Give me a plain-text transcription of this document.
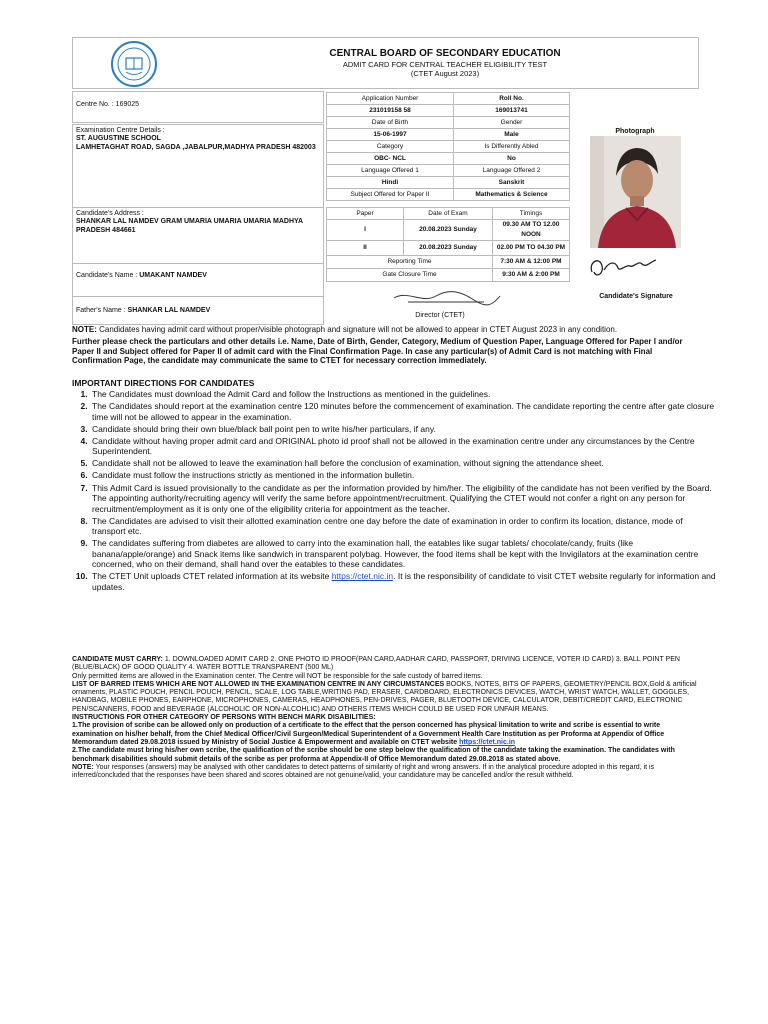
CENTRAL BOARD OF SECONDARY EDUCATION
ADMIT CARD FOR CENTRAL TEACHER ELIGIBILITY TEST
(CTET August 2023)
Centre No. : 169025
Examination Centre Details :
ST. AUGUSTINE SCHOOL
LAMHETAGHAT ROAD, SAGDA ,JABALPUR,MADHYA PRADESH 482003
Candidate's Address :
SHANKAR LAL NAMDEV GRAM UMARIA UMARIA UMARIA MADHYA PRADESH 484661
Candidate's Name : UMAKANT NAMDEV
Father's Name : SHANKAR LAL NAMDEV
Application Number	Roll No.
231019158 58	169013741
Date of Birth	Gender
15-06-1997	Male
Category	Is Differently Abled
OBC- NCL	No
Language Offered 1	Language Offered 2
Hindi	Sanskrit
Subject Offered for Paper II	Mathematics & Science
Paper	Date of Exam	Timings
I	20.08.2023 Sunday	09.30 AM TO 12.00 NOON
II	20.08.2023 Sunday	02.00 PM TO 04.30 PM
Reporting Time		7:30 AM & 12:00 PM
Gate Closure Time		9:30 AM & 2:00 PM
Director (CTET)
Photograph
Candidate's Signature
NOTE: Candidates having admit card without proper/visible photograph and signature will not be allowed to appear in CTET August 2023 in any condition.
Further please check the particulars and other details i.e. Name, Date of Birth, Gender, Category, Medium of Question Paper, Language Offered for Paper I and/or Paper II and Subject offered for Paper II of admit card with the Final Confirmation Page. In case any particular(s) of Admit Card is not matching with Final Confirmation Page, the candidate may communicate the same to CTET for necessary correction immediately.
IMPORTANT DIRECTIONS FOR CANDIDATES
1. The Candidates must download the Admit Card and follow the Instructions as mentioned in the guidelines.
2. The Candidates should report at the examination centre 120 minutes before the commencement of examination. The candidate reporting the centre after gate closure time will not be allowed to appear in the examination.
3. Candidate should bring their own blue/black ball point pen to write his/her particulars, if any.
4. Candidate without having proper admit card and ORIGINAL photo id proof shall not be allowed in the examination centre under any circumstances by the Centre Superintendent.
5. Candidate shall not be allowed to leave the examination hall before the conclusion of examination, without signing the attendance sheet.
6. Candidate must follow the instructions strictly as mentioned in the information bulletin.
7. This Admit Card is issued provisionally to the candidate as per the information provided by him/her. The eligibility of the candidate has not been verified by the Board. The appointing authority/recruiting agency will verify the same before appointment/recruitment. Qualifying the CTET would not confer a right on any person for recruitment/employment as it is only one of the eligibility criteria for appointment as the teacher.
8. The Candidates are advised to visit their allotted examination centre one day before the date of examination in order to confirm its location, distance, mode of transport etc.
9. The candidates suffering from diabetes are allowed to carry into the examination hall, the eatables like sugar tablets/ chocolate/candy, fruits (like banana/apple/orange) and Snack items like sandwich in transparent polybag. However, the food items shall be kept with the Invigilators at the examination centre concerned, who on their demand, shall hand over the eatables to these candidates.
10. The CTET Unit uploads CTET related information at its website https://ctet.nic.in. It is the responsibility of candidate to visit CTET website regularly for information and updates.
CANDIDATE MUST CARRY: 1. DOWNLOADED ADMIT CARD 2. ONE PHOTO ID PROOF(PAN CARD,AADHAR CARD, PASSPORT, DRIVING LICENCE, VOTER ID CARD) 3. BALL POINT PEN (BLUE/BLACK) OF GOOD QUALITY 4. WATER BOTTLE TRANSPARENT (500 ML)
Only permitted items are allowed in the Examination center. The Centre will NOT be responsible for the safe custody of barred items.
LIST OF BARRED ITEMS WHICH ARE NOT ALLOWED IN THE EXAMINATION CENTRE IN ANY CIRCUMSTANCES BOOKS, NOTES, BITS OF PAPERS, GEOMETRY/PENCIL BOX,Gold & artificial ornaments, PLASTIC POUCH, PENCIL POUCH, PENCIL, SCALE, LOG TABLE,WRITING PAD, ERASER, CARDBOARD, ELECTRONICS DEVICES, WATCH, WRIST WATCH, WALLET, GOGGLES, HANDBAG, MOBILE PHONES, EARPHONE, MICROPHONES, CAMERAS, HEADPHONES, PEN-DRIVES, PAGER, BLUETOOTH DEVICE, CALCULATOR, DEBIT/CREDIT CARD, ELECTRONIC PEN/SCANNERS, FOOD and BEVERAGE (ALCOHOLIC OR NON-ALCOHLIC) AND OTHERS ITEMS WHICH COULD BE USED FOR UNFAIR MEANS.
INSTRUCTIONS FOR OTHER CATEGORY OF PERSONS WITH BENCH MARK DISABILITIES:
1.The provision of scribe can be allowed only on production of a certificate to the effect that the person concerned has physical limitation to write and scribe is essential to write examination on his/her behalf, from the Chief Medical Officer/Civil Surgeon/Medical Superintendent of a Government Health Care Institution as per Proforma at Appendix of Office Memorandum dated 29.08.2018 issued by Ministry of Social Justice & Empowerment and available on CTET website https://ctet.nic.in
2.The candidate must bring his/her own scribe, the qualification of the scribe should be one step below the qualification of the candidate taking the examination. The candidates with benchmark disabilities should submit details of the scribe as per proforma at Appendix-II of Office Memorandum dated 29.08.2018 as stated above.
NOTE: Your responses (answers) may be analysed with other candidates to detect patterns of similarity of right and wrong answers. If in the analytical procedure adopted in this regard, it is inferred/concluded that the responses have been shared and scores obtained are not genuine/valid, your candidature may be cancelled and/or the result withheld.
